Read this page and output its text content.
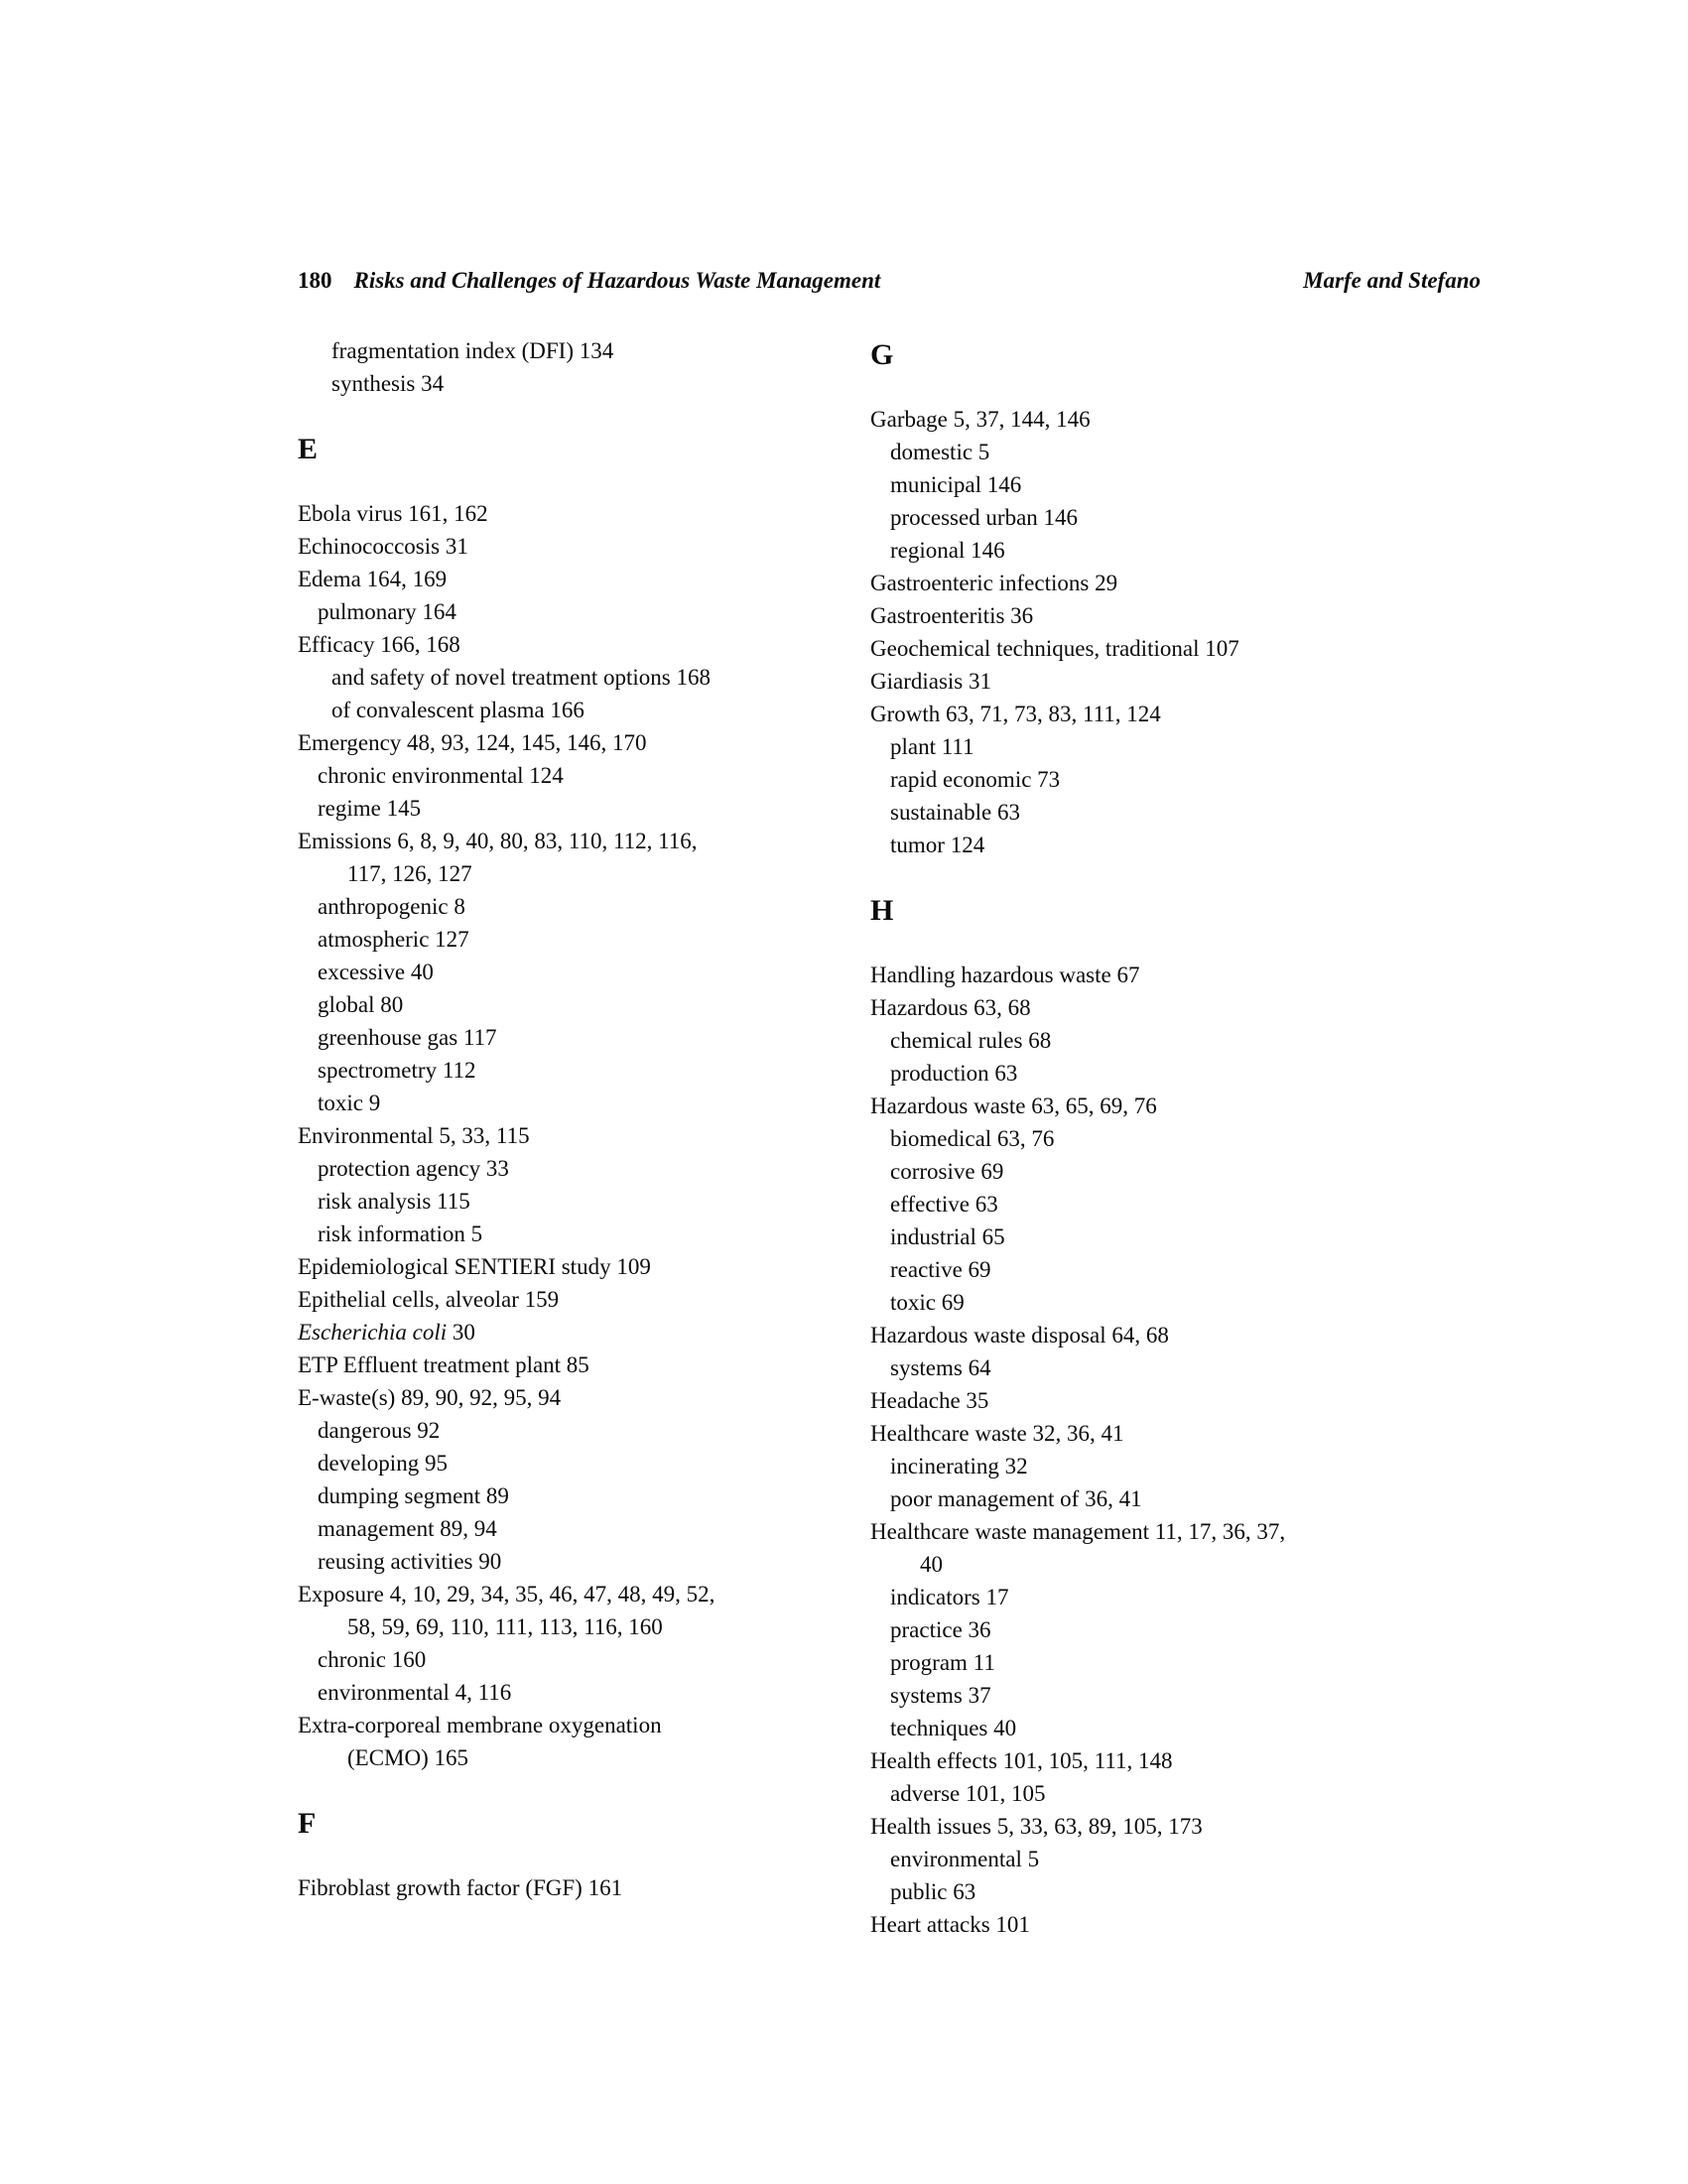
180 Risks and Challenges of Hazardous Waste Management	Marfe and Stefano
fragmentation index (DFI) 134
synthesis 34
E
Ebola virus 161, 162
Echinococcosis 31
Edema 164, 169
pulmonary 164
Efficacy 166, 168
and safety of novel treatment options 168
of convalescent plasma 166
Emergency 48, 93, 124, 145, 146, 170
chronic environmental 124
regime 145
Emissions 6, 8, 9, 40, 80, 83, 110, 112, 116,
117, 126, 127
anthropogenic 8
atmospheric 127
excessive 40
global 80
greenhouse gas 117
spectrometry 112
toxic 9
Environmental 5, 33, 115
protection agency 33
risk analysis 115
risk information 5
Epidemiological SENTIERI study 109
Epithelial cells, alveolar 159
Escherichia coli 30
ETP Effluent treatment plant 85
E-waste(s) 89, 90, 92, 95, 94
dangerous 92
developing 95
dumping segment 89
management 89, 94
reusing activities 90
Exposure 4, 10, 29, 34, 35, 46, 47, 48, 49, 52,
58, 59, 69, 110, 111, 113, 116, 160
chronic 160
environmental 4, 116
Extra-corporeal membrane oxygenation
(ECMO) 165
F
Fibroblast growth factor (FGF) 161
G
Garbage 5, 37, 144, 146
domestic 5
municipal 146
processed urban 146
regional 146
Gastroenteric infections 29
Gastroenteritis 36
Geochemical techniques, traditional 107
Giardiasis 31
Growth 63, 71, 73, 83, 111, 124
plant 111
rapid economic 73
sustainable 63
tumor 124
H
Handling hazardous waste 67
Hazardous 63, 68
chemical rules 68
production 63
Hazardous waste 63, 65, 69, 76
biomedical 63, 76
corrosive 69
effective 63
industrial 65
reactive 69
toxic 69
Hazardous waste disposal 64, 68
systems 64
Headache 35
Healthcare waste 32, 36, 41
incinerating 32
poor management of 36, 41
Healthcare waste management 11, 17, 36, 37,
40
indicators 17
practice 36
program 11
systems 37
techniques 40
Health effects 101, 105, 111, 148
adverse 101, 105
Health issues 5, 33, 63, 89, 105, 173
environmental 5
public 63
Heart attacks 101
